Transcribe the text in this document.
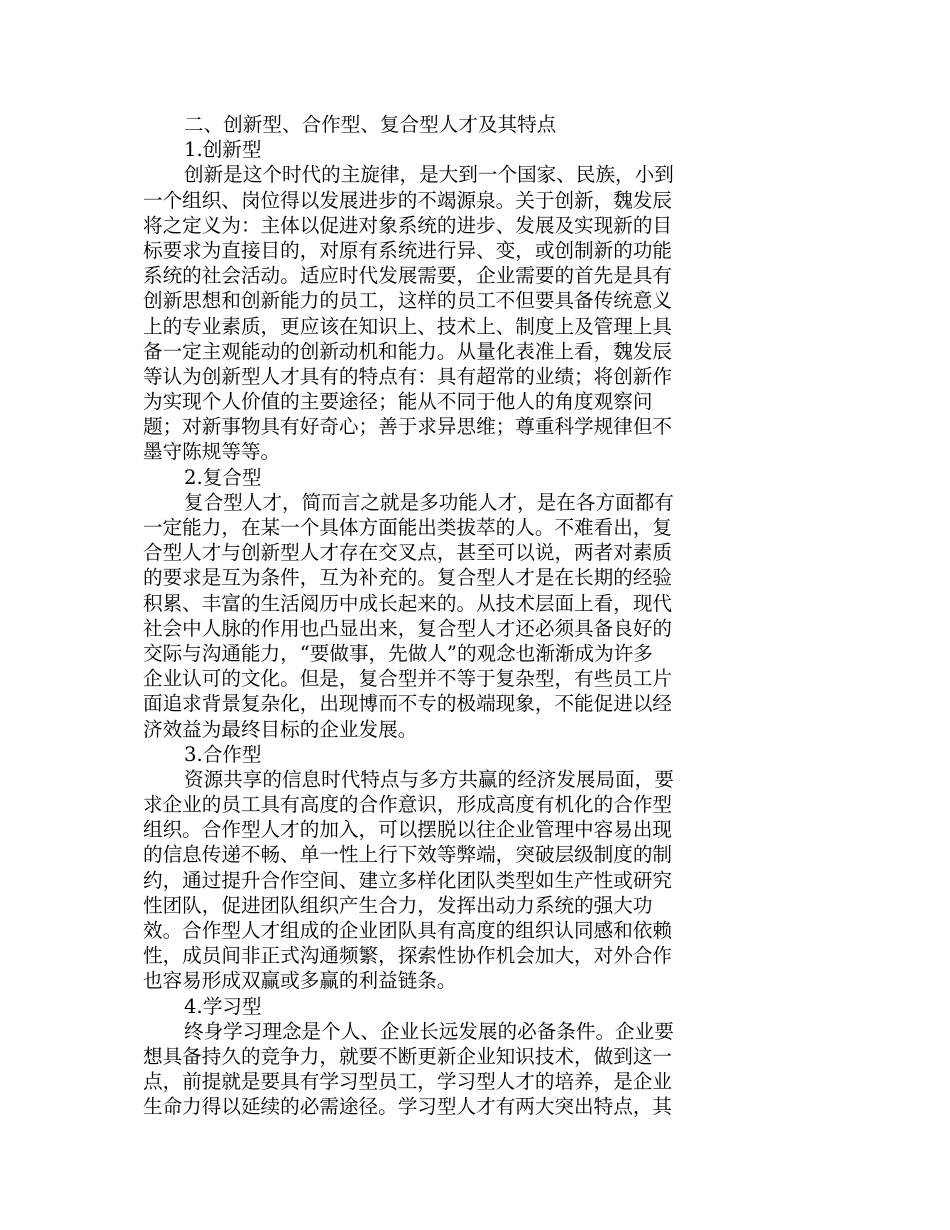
二、创新型、合作型、复合型人才及其特点
1.创新型
创新是这个时代的主旋律，是大到一个国家、民族，小到
一个组织、岗位得以发展进步的不竭源泉。关于创新，魏发辰
将之定义为：主体以促进对象系统的进步、发展及实现新的目
标要求为直接目的，对原有系统进行异、变，或创制新的功能
系统的社会活动。适应时代发展需要，企业需要的首先是具有
创新思想和创新能力的员工，这样的员工不但要具备传统意义
上的专业素质，更应该在知识上、技术上、制度上及管理上具
备一定主观能动的创新动机和能力。从量化表准上看，魏发辰
等认为创新型人才具有的特点有：具有超常的业绩；将创新作
为实现个人价值的主要途径；能从不同于他人的角度观察问
题；对新事物具有好奇心；善于求异思维；尊重科学规律但不
墨守陈规等等。
2.复合型
复合型人才，简而言之就是多功能人才，是在各方面都有
一定能力，在某一个具体方面能出类拔萃的人。不难看出，复
合型人才与创新型人才存在交叉点，甚至可以说，两者对素质
的要求是互为条件，互为补充的。复合型人才是在长期的经验
积累、丰富的生活阅历中成长起来的。从技术层面上看，现代
社会中人脉的作用也凸显出来，复合型人才还必须具备良好的
交际与沟通能力，“要做事，先做人”的观念也渐渐成为许多
企业认可的文化。但是，复合型并不等于复杂型，有些员工片
面追求背景复杂化，出现博而不专的极端现象，不能促进以经
济效益为最终目标的企业发展。
3.合作型
资源共享的信息时代特点与多方共赢的经济发展局面，要
求企业的员工具有高度的合作意识，形成高度有机化的合作型
组织。合作型人才的加入，可以摆脱以往企业管理中容易出现
的信息传递不畅、单一性上行下效等弊端，突破层级制度的制
约，通过提升合作空间、建立多样化团队类型如生产性或研究
性团队，促进团队组织产生合力，发挥出动力系统的强大功
效。合作型人才组成的企业团队具有高度的组织认同感和依赖
性，成员间非正式沟通频繁，探索性协作机会加大，对外合作
也容易形成双赢或多赢的利益链条。
4.学习型
终身学习理念是个人、企业长远发展的必备条件。企业要
想具备持久的竞争力，就要不断更新企业知识技术，做到这一
点，前提就是要具有学习型员工，学习型人才的培养，是企业
生命力得以延续的必需途径。学习型人才有两大突出特点，其
